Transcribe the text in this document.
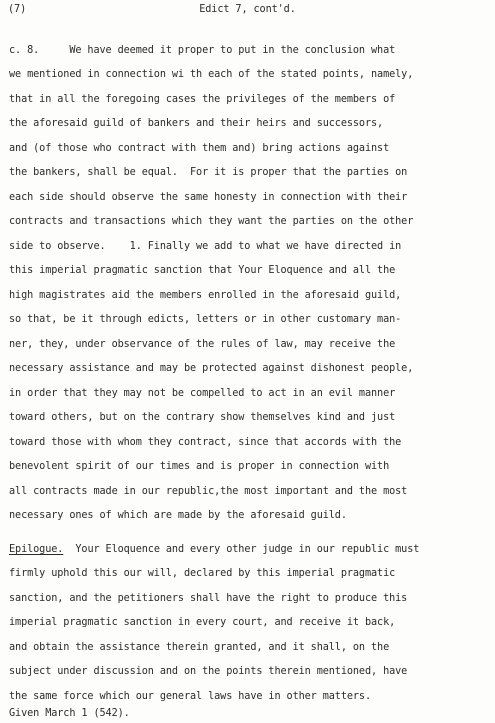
(7)	Edict 7, cont'd.
c. 8.     We have deemed it proper to put in the conclusion what
we mentioned in connection wi th each of the stated points, namely,
that in all the foregoing cases the privileges of the members of
the aforesaid guild of bankers and their heirs and successors,
and (of those who contract with them and) bring actions against
the bankers, shall be equal.  For it is proper that the parties on
each side should observe the same honesty in connection with their
contracts and transactions which they want the parties on the other
side to observe.    1. Finally we add to what we have directed in
this imperial pragmatic sanction that Your Eloquence and all the
high magistrates aid the members enrolled in the aforesaid guild,
so that, be it through edicts, letters or in other customary man-
ner, they, under observance of the rules of law, may receive the
necessary assistance and may be protected against dishonest people,
in order that they may not be compelled to act in an evil manner
toward others, but on the contrary show themselves kind and just
toward those with whom they contract, since that accords with the
benevolent spirit of our times and is proper in connection with
all contracts made in our republic,the most important and the most
necessary ones of which are made by the aforesaid guild.
Epilogue.  Your Eloquence and every other judge in our republic must
firmly uphold this our will, declared by this imperial pragmatic
sanction, and the petitioners shall have the right to produce this
imperial pragmatic sanction in every court, and receive it back,
and obtain the assistance therein granted, and it shall, on the
subject under discussion and on the points therein mentioned, have
the same force which our general laws have in other matters.
Given March 1 (542).
